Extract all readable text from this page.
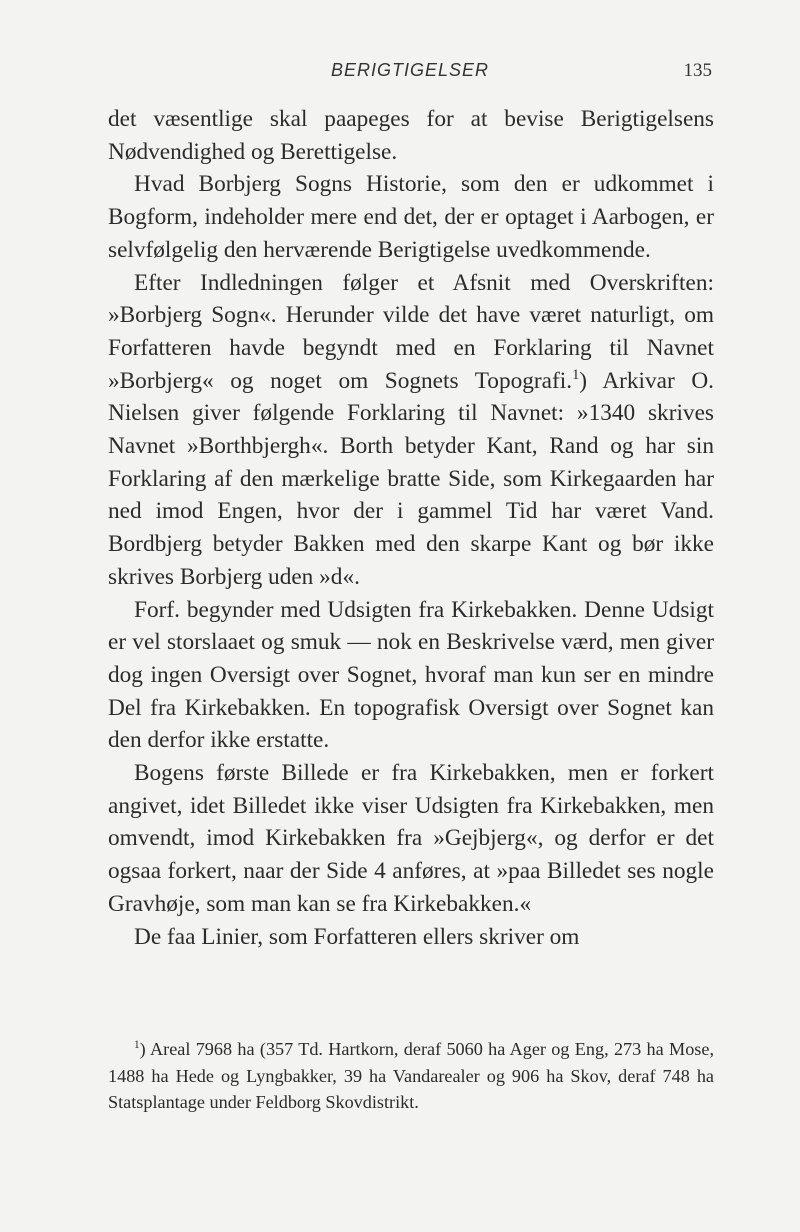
BERIGTIGELSER	135

det væsentlige skal paapeges for at bevise Berigtigelsens Nødvendighed og Berettigelse.

Hvad Borbjerg Sogns Historie, som den er udkommet i Bogform, indeholder mere end det, der er optaget i Aarbogen, er selvfølgelig den herværende Berigtigelse uvedkommende.

Efter Indledningen følger et Afsnit med Overskriften: »Borbjerg Sogn«. Herunder vilde det have været naturligt, om Forfatteren havde begyndt med en Forklaring til Navnet »Borbjerg« og noget om Sognets Topografi.$^1$) Arkivar O. Nielsen giver følgende Forklaring til Navnet: »1340 skrives Navnet »Borthbjergh«. Borth betyder Kant, Rand og har sin Forklaring af den mærkelige bratte Side, som Kirkegaarden har ned imod Engen, hvor der i gammel Tid har været Vand. Bordbjerg betyder Bakken med den skarpe Kant og bør ikke skrives Borbjerg uden »d«.

Forf. begynder med Udsigten fra Kirkebakken. Denne Udsigt er vel storslaaet og smuk — nok en Beskrivelse værd, men giver dog ingen Oversigt over Sognet, hvoraf man kun ser en mindre Del fra Kirkebakken. En topografisk Oversigt over Sognet kan den derfor ikke erstatte.

Bogens første Billede er fra Kirkebakken, men er forkert angivet, idet Billedet ikke viser Udsigten fra Kirkebakken, men omvendt, imod Kirkebakken fra »Gejbjerg«, og derfor er det ogsaa forkert, naar der Side 4 anføres, at »paa Billedet ses nogle Gravhøje, som man kan se fra Kirkebakken.«

De faa Linier, som Forfatteren ellers skriver om

$^1$) Areal 7968 ha (357 Td. Hartkorn, deraf 5060 ha Ager og Eng, 273 ha Mose, 1488 ha Hede og Lyngbakker, 39 ha Vandarealer og 906 ha Skov, deraf 748 ha Statsplantage under Feldborg Skovdistrikt.
